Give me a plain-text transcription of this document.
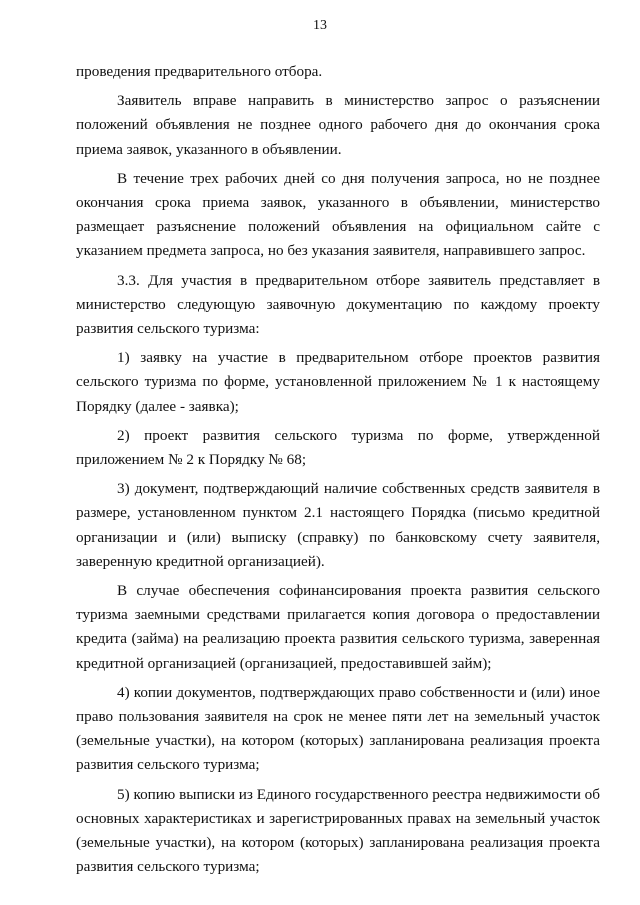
13

проведения предварительного отбора.

Заявитель вправе направить в министерство запрос о разъяснении положений объявления не позднее одного рабочего дня до окончания срока приема заявок, указанного в объявлении.

В течение трех рабочих дней со дня получения запроса, но не позднее окончания срока приема заявок, указанного в объявлении, министерство размещает разъяснение положений объявления на официальном сайте с указанием предмета запроса, но без указания заявителя, направившего запрос.

3.3. Для участия в предварительном отборе заявитель представляет в министерство следующую заявочную документацию по каждому проекту развития сельского туризма:

1) заявку на участие в предварительном отборе проектов развития сельского туризма по форме, установленной приложением № 1 к настоящему Порядку (далее - заявка);

2) проект развития сельского туризма по форме, утвержденной приложением № 2 к Порядку № 68;

3) документ, подтверждающий наличие собственных средств заявителя в размере, установленном пунктом 2.1 настоящего Порядка (письмо кредитной организации и (или) выписку (справку) по банковскому счету заявителя, заверенную кредитной организацией).

В случае обеспечения софинансирования проекта развития сельского туризма заемными средствами прилагается копия договора о предоставлении кредита (займа) на реализацию проекта развития сельского туризма, заверенная кредитной организацией (организацией, предоставившей займ);

4) копии документов, подтверждающих право собственности и (или) иное право пользования заявителя на срок не менее пяти лет на земельный участок (земельные участки), на котором (которых) запланирована реализация проекта развития сельского туризма;

5) копию выписки из Единого государственного реестра недвижимости об основных характеристиках и зарегистрированных правах на земельный участок (земельные участки), на котором (которых) запланирована реализация проекта развития сельского туризма;
